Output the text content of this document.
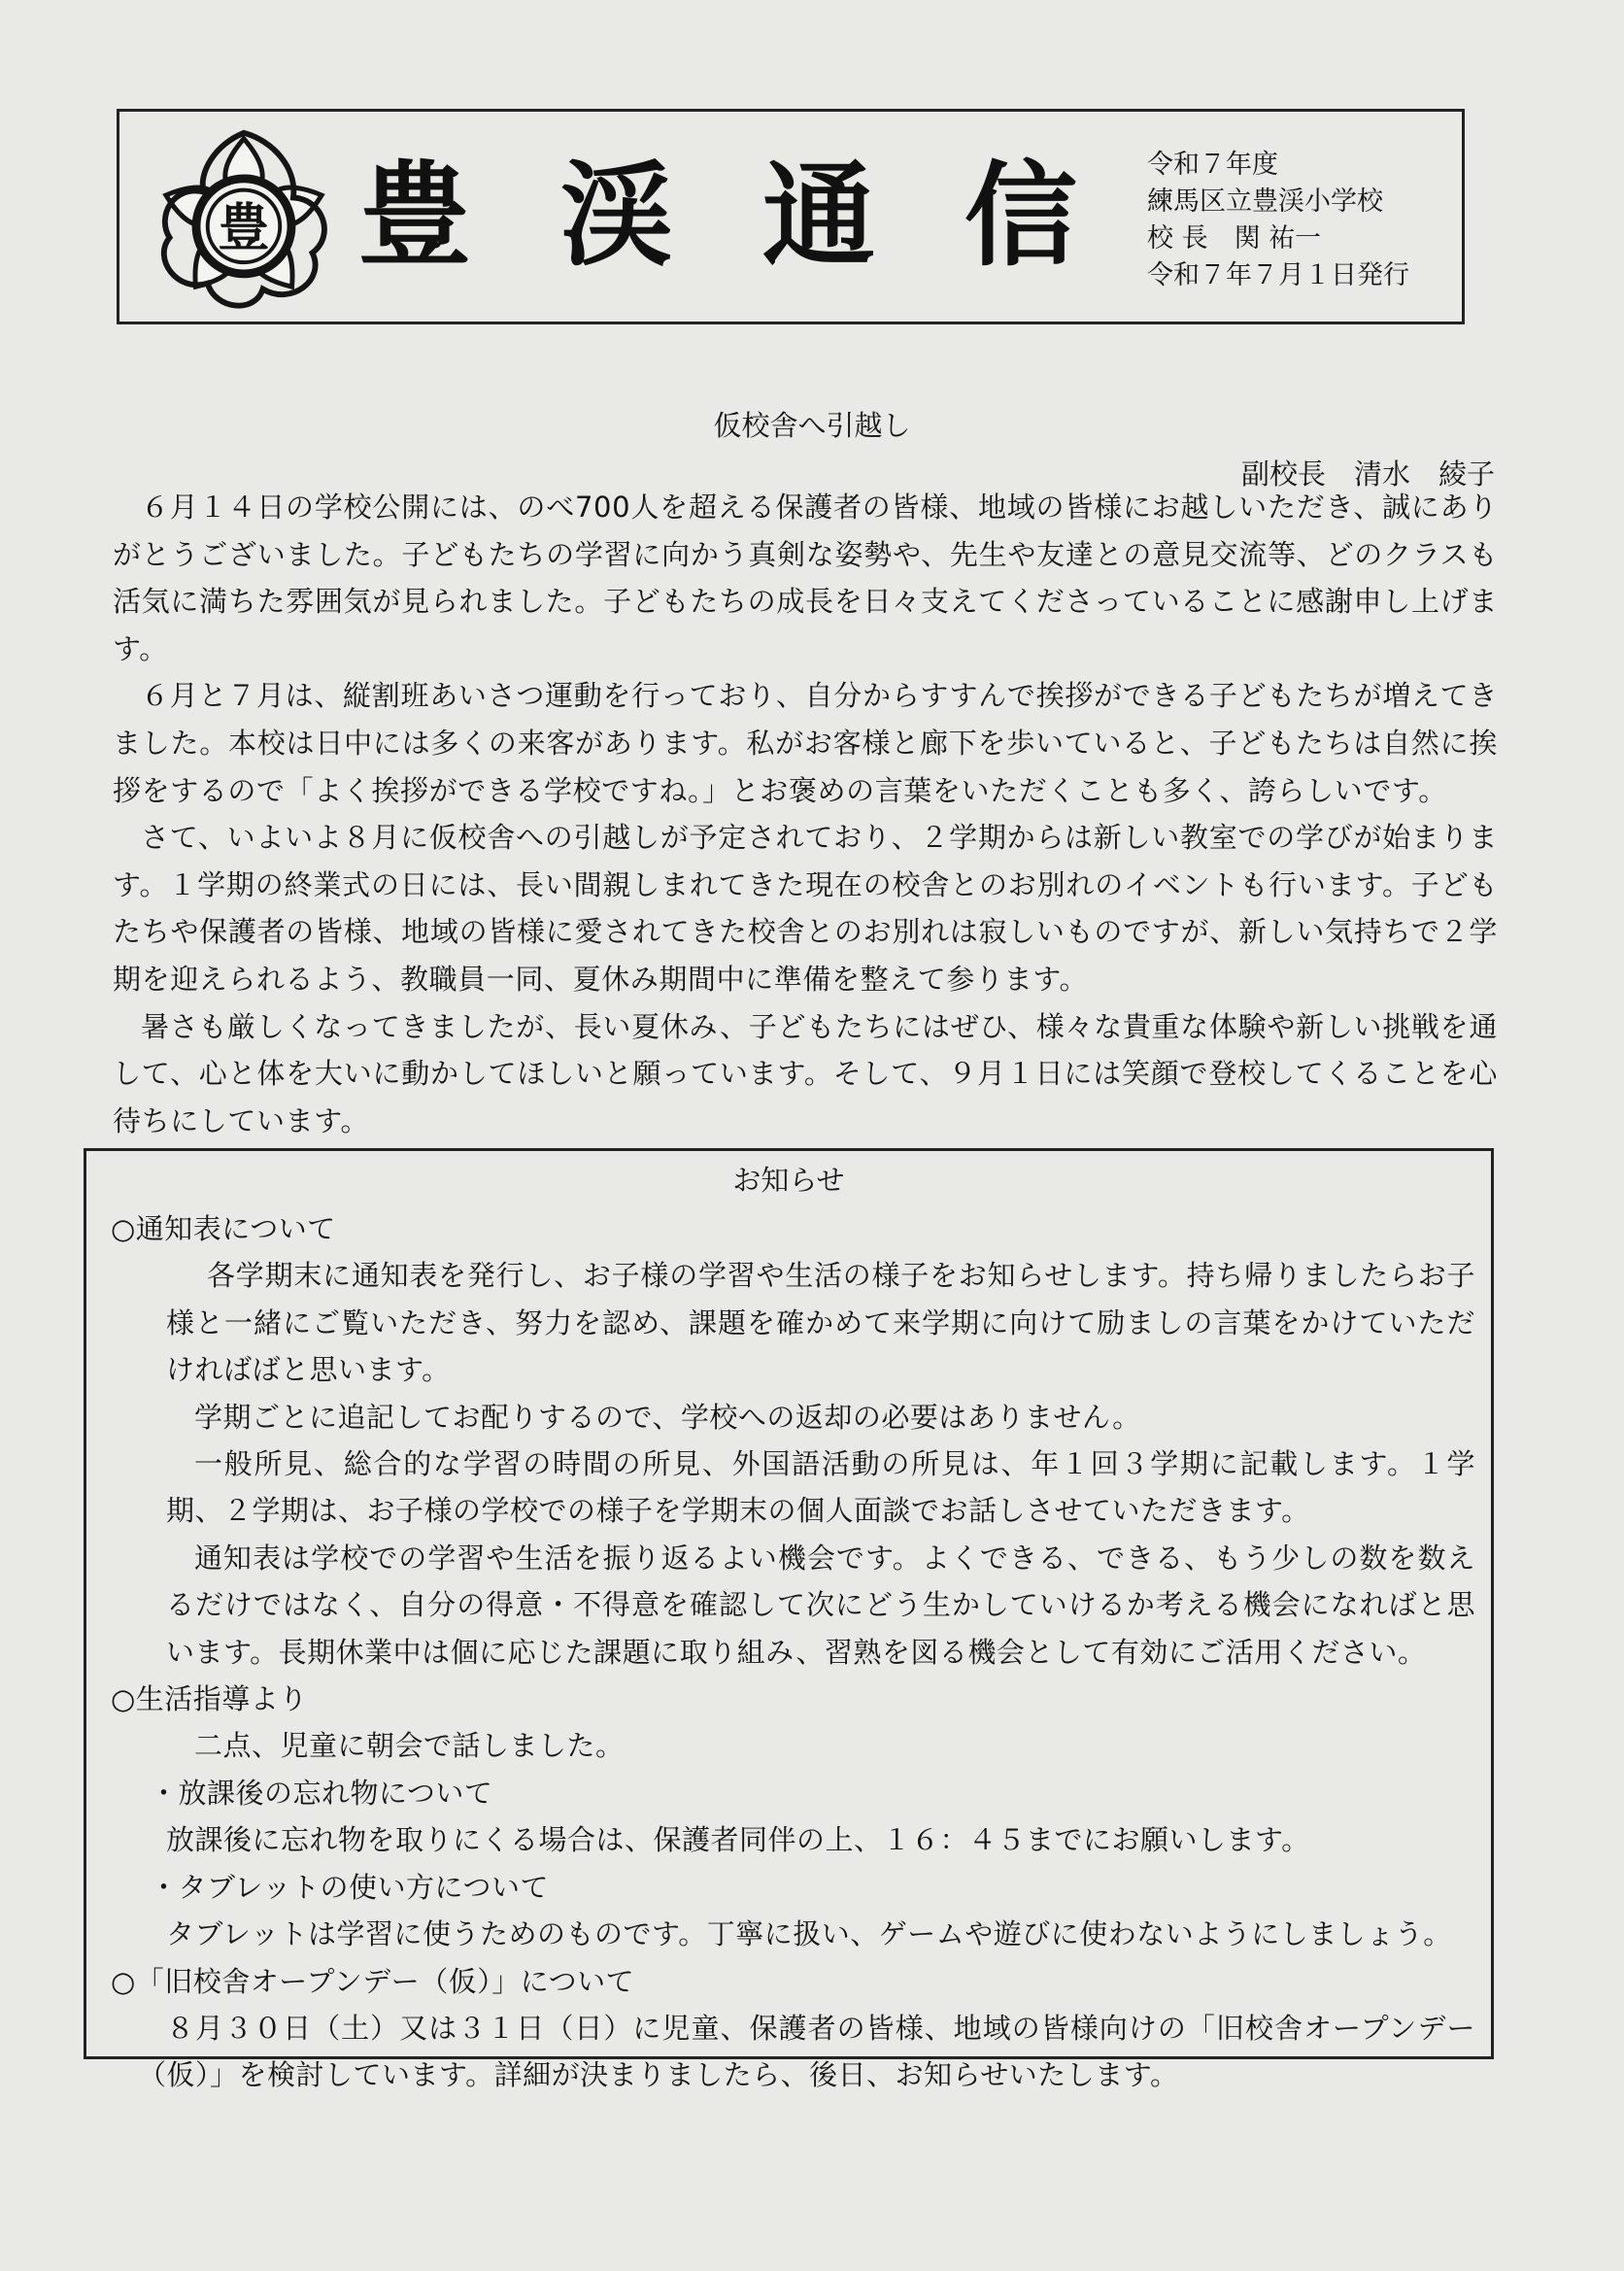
豊 豊渓通信
令和７年度
練馬区立豊渓小学校
校 長　関 祐一
令和７年７月１日発行
仮校舎へ引越し
副校長　清水　綾子

６月１４日の学校公開には、のべ700人を超える保護者の皆様、地域の皆様にお越しいただき、誠にありがとうございました。子どもたちの学習に向かう真剣な姿勢や、先生や友達との意見交流等、どのクラスも活気に満ちた雰囲気が見られました。子どもたちの成長を日々支えてくださっていることに感謝申し上げます。

６月と７月は、縦割班あいさつ運動を行っており、自分からすすんで挨拶ができる子どもたちが増えてきました。本校は日中には多くの来客があります。私がお客様と廊下を歩いていると、子どもたちは自然に挨拶をするので「よく挨拶ができる学校ですね。」とお褒めの言葉をいただくことも多く、誇らしいです。

さて、いよいよ８月に仮校舎への引越しが予定されており、２学期からは新しい教室での学びが始まります。１学期の終業式の日には、長い間親しまれてきた現在の校舎とのお別れのイベントも行います。子どもたちや保護者の皆様、地域の皆様に愛されてきた校舎とのお別れは寂しいものですが、新しい気持ちで２学期を迎えられるよう、教職員一同、夏休み期間中に準備を整えて参ります。

暑さも厳しくなってきましたが、長い夏休み、子どもたちにはぜひ、様々な貴重な体験や新しい挑戦を通して、心と体を大いに動かしてほしいと願っています。そして、９月１日には笑顔で登校してくることを心待ちにしています。

お知らせ

○通知表について

各学期末に通知表を発行し、お子様の学習や生活の様子をお知らせします。持ち帰りましたらお子様と一緒にご覧いただき、努力を認め、課題を確かめて来学期に向けて励ましの言葉をかけていただければばと思います。

学期ごとに追記してお配りするので、学校への返却の必要はありません。

一般所見、総合的な学習の時間の所見、外国語活動の所見は、年１回３学期に記載します。１学期、２学期は、お子様の学校での様子を学期末の個人面談でお話しさせていただきます。

通知表は学校での学習や生活を振り返るよい機会です。よくできる、できる、もう少しの数を数えるだけではなく、自分の得意・不得意を確認して次にどう生かしていけるか考える機会になればと思います。長期休業中は個に応じた課題に取り組み、習熟を図る機会として有効にご活用ください。

○生活指導より

二点、児童に朝会で話しました。

・放課後の忘れ物について

放課後に忘れ物を取りにくる場合は、保護者同伴の上、１６：４５までにお願いします。

・タブレットの使い方について

タブレットは学習に使うためのものです。丁寧に扱い、ゲームや遊びに使わないようにしましょう。

○「旧校舎オープンデー（仮）」について

８月３０日（土）又は３１日（日）に児童、保護者の皆様、地域の皆様向けの「旧校舎オープンデー（仮）」を検討しています。詳細が決まりましたら、後日、お知らせいたします。
